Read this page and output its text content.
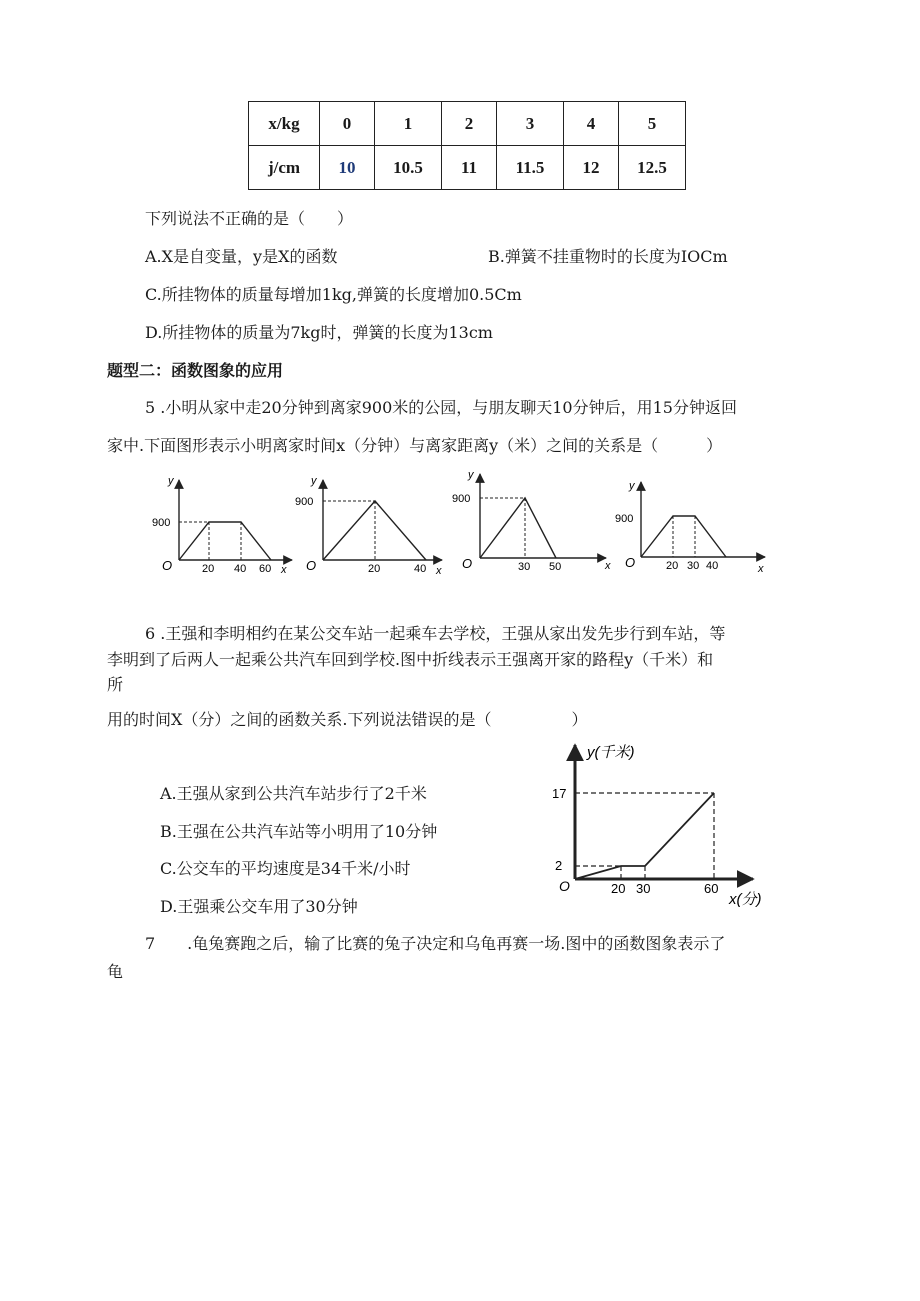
x/kg	0	1	2	3	4	5
j/cm	10	10.5	11	11.5	12	12.5
下列说法不正确的是（　　）
A.X是自变量，y是X的函数	B.弹簧不挂重物时的长度为IOCm
C.所挂物体的质量每增加1kg,弹簧的长度增加0.5Cm
D.所挂物体的质量为7kg时，弹簧的长度为13cm
题型二：函数图象的应用
5 .小明从家中走20分钟到离家900米的公园，与朋友聊天10分钟后，用15分钟返回
家中.下面图形表示小明离家时间x（分钟）与离家距离y（米）之间的关系是（　　　）
y
900
O	20 40 60 x
y
900
O	20	40 x
y
900
O	30 50	x
y
900
O	20 30 40	x
6 .王强和李明相约在某公交车站一起乘车去学校，王强从家出发先步行到车站，等
李明到了后两人一起乘公共汽车回到学校.图中折线表示王强离开家的路程y（千米）和
所
用的时间X（分）之间的函数关系.下列说法错误的是（　　　　　）
A.王强从家到公共汽车站步行了2千米
B.王强在公共汽车站等小明用了10分钟
C.公交车的平均速度是34千米/小时
D.王强乘公交车用了30分钟
y(千米)
17
2
O	20 30	60
x(分)
7　　.龟兔赛跑之后，输了比赛的兔子决定和乌龟再赛一场.图中的函数图象表示了
龟
